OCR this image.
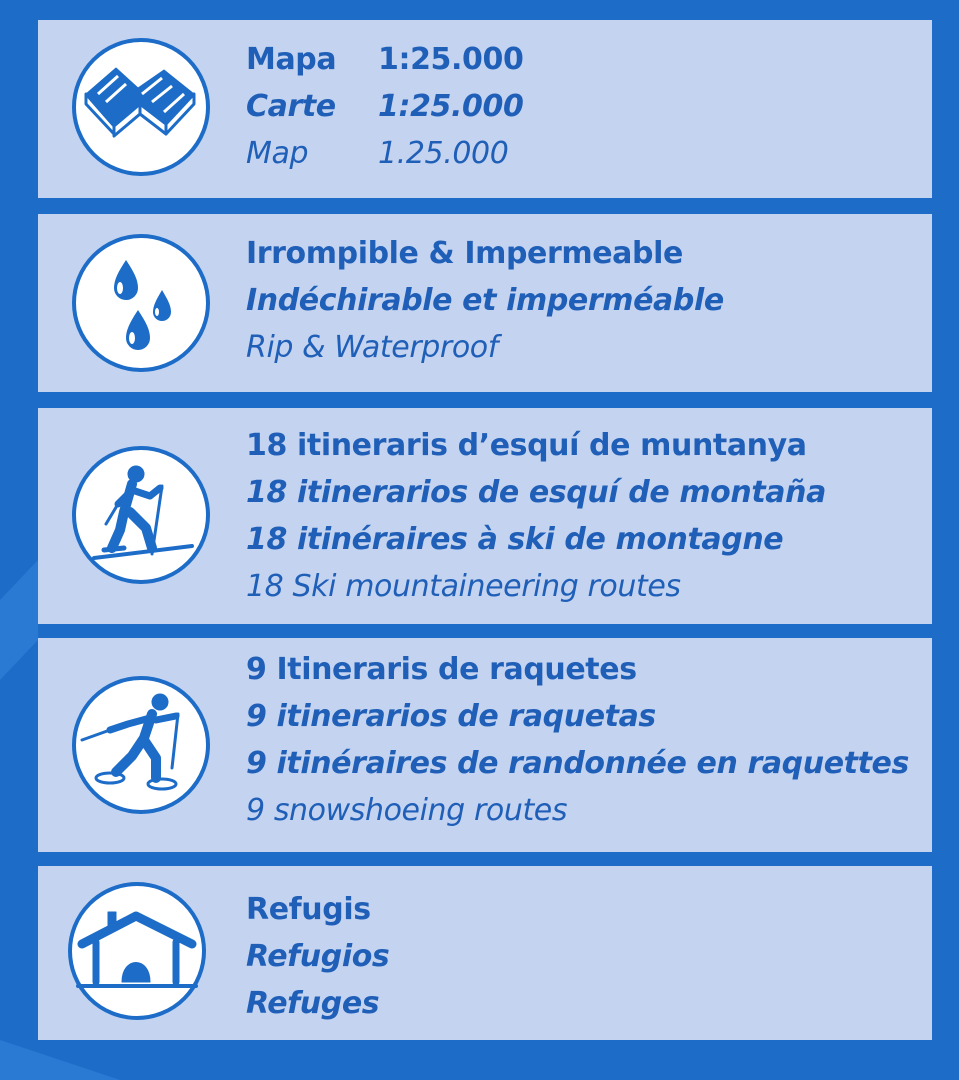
Mapa 1:25.000
Carte 1:25.000
Map 1.25.000
Irrompible & Impermeable
Indéchirable et imperméable
Rip & Waterproof
18 itineraris d’esquí de muntanya
18 itinerarios de esquí de montaña
18 itinéraires à ski de montagne
18 Ski mountaineering routes
9 Itineraris de raquetes
9 itinerarios de raquetas
9 itinéraires de randonnée en raquettes
9 snowshoeing routes
Refugis
Refugios
Refuges
